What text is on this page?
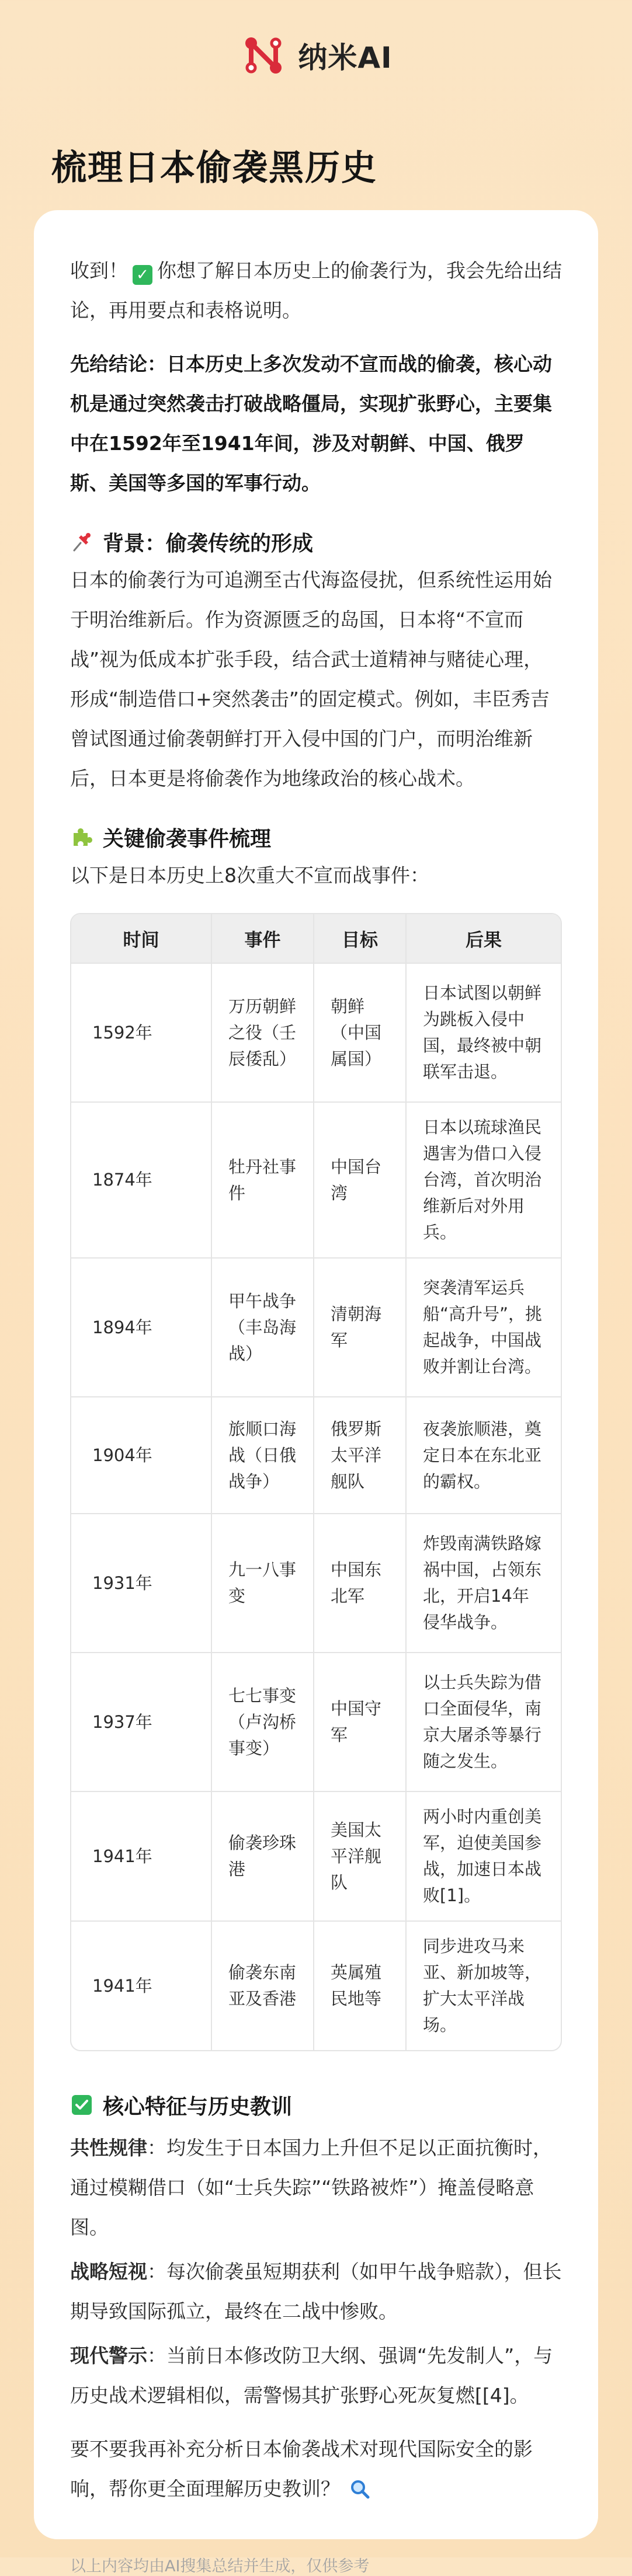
纳米AI
梳理日本偷袭黑历史

收到！ ✓ 你想了解日本历史上的偷袭行为，我会先给出结论，再用要点和表格说明。

先给结论：日本历史上多次发动不宣而战的偷袭，核心动机是通过突然袭击打破战略僵局，实现扩张野心，主要集中在1592年至1941年间，涉及对朝鲜、中国、俄罗斯、美国等多国的军事行动。

背景：偷袭传统的形成

日本的偷袭行为可追溯至古代海盗侵扰，但系统性运用始于明治维新后。作为资源匮乏的岛国，日本将“不宣而战”视为低成本扩张手段，结合武士道精神与赌徒心理，形成“制造借口+突然袭击”的固定模式。例如，丰臣秀吉曾试图通过偷袭朝鲜打开入侵中国的门户，而明治维新后，日本更是将偷袭作为地缘政治的核心战术。

关键偷袭事件梳理

以下是日本历史上8次重大不宣而战事件：

时间	事件	目标	后果
1592年	万历朝鲜之役（壬辰倭乱）	朝鲜（中国属国）	日本试图以朝鲜为跳板入侵中国，最终被中朝联军击退。
1874年	牡丹社事件	中国台湾	日本以琉球渔民遇害为借口入侵台湾，首次明治维新后对外用兵。
1894年	甲午战争（丰岛海战）	清朝海军	突袭清军运兵船“高升号”，挑起战争，中国战败并割让台湾。
1904年	旅顺口海战（日俄战争）	俄罗斯太平洋舰队	夜袭旅顺港，奠定日本在东北亚的霸权。
1931年	九一八事变	中国东北军	炸毁南满铁路嫁祸中国，占领东北，开启14年侵华战争。
1937年	七七事变（卢沟桥事变）	中国守军	以士兵失踪为借口全面侵华，南京大屠杀等暴行随之发生。
1941年	偷袭珍珠港	美国太平洋舰队	两小时内重创美军，迫使美国参战，加速日本战败[1]。
1941年	偷袭东南亚及香港	英属殖民地等	同步进攻马来亚、新加坡等，扩大太平洋战场。
核心特征与历史教训

共性规律：均发生于日本国力上升但不足以正面抗衡时，通过模糊借口（如“士兵失踪”“铁路被炸”）掩盖侵略意图。

战略短视：每次偷袭虽短期获利（如甲午战争赔款），但长期导致国际孤立，最终在二战中惨败。

现代警示：当前日本修改防卫大纲、强调“先发制人”，与历史战术逻辑相似，需警惕其扩张野心死灰复燃[[4]。

要不要我再补充分析日本偷袭战术对现代国际安全的影响，帮你更全面理解历史教训？

以上内容均由AI搜集总结并生成，仅供参考
